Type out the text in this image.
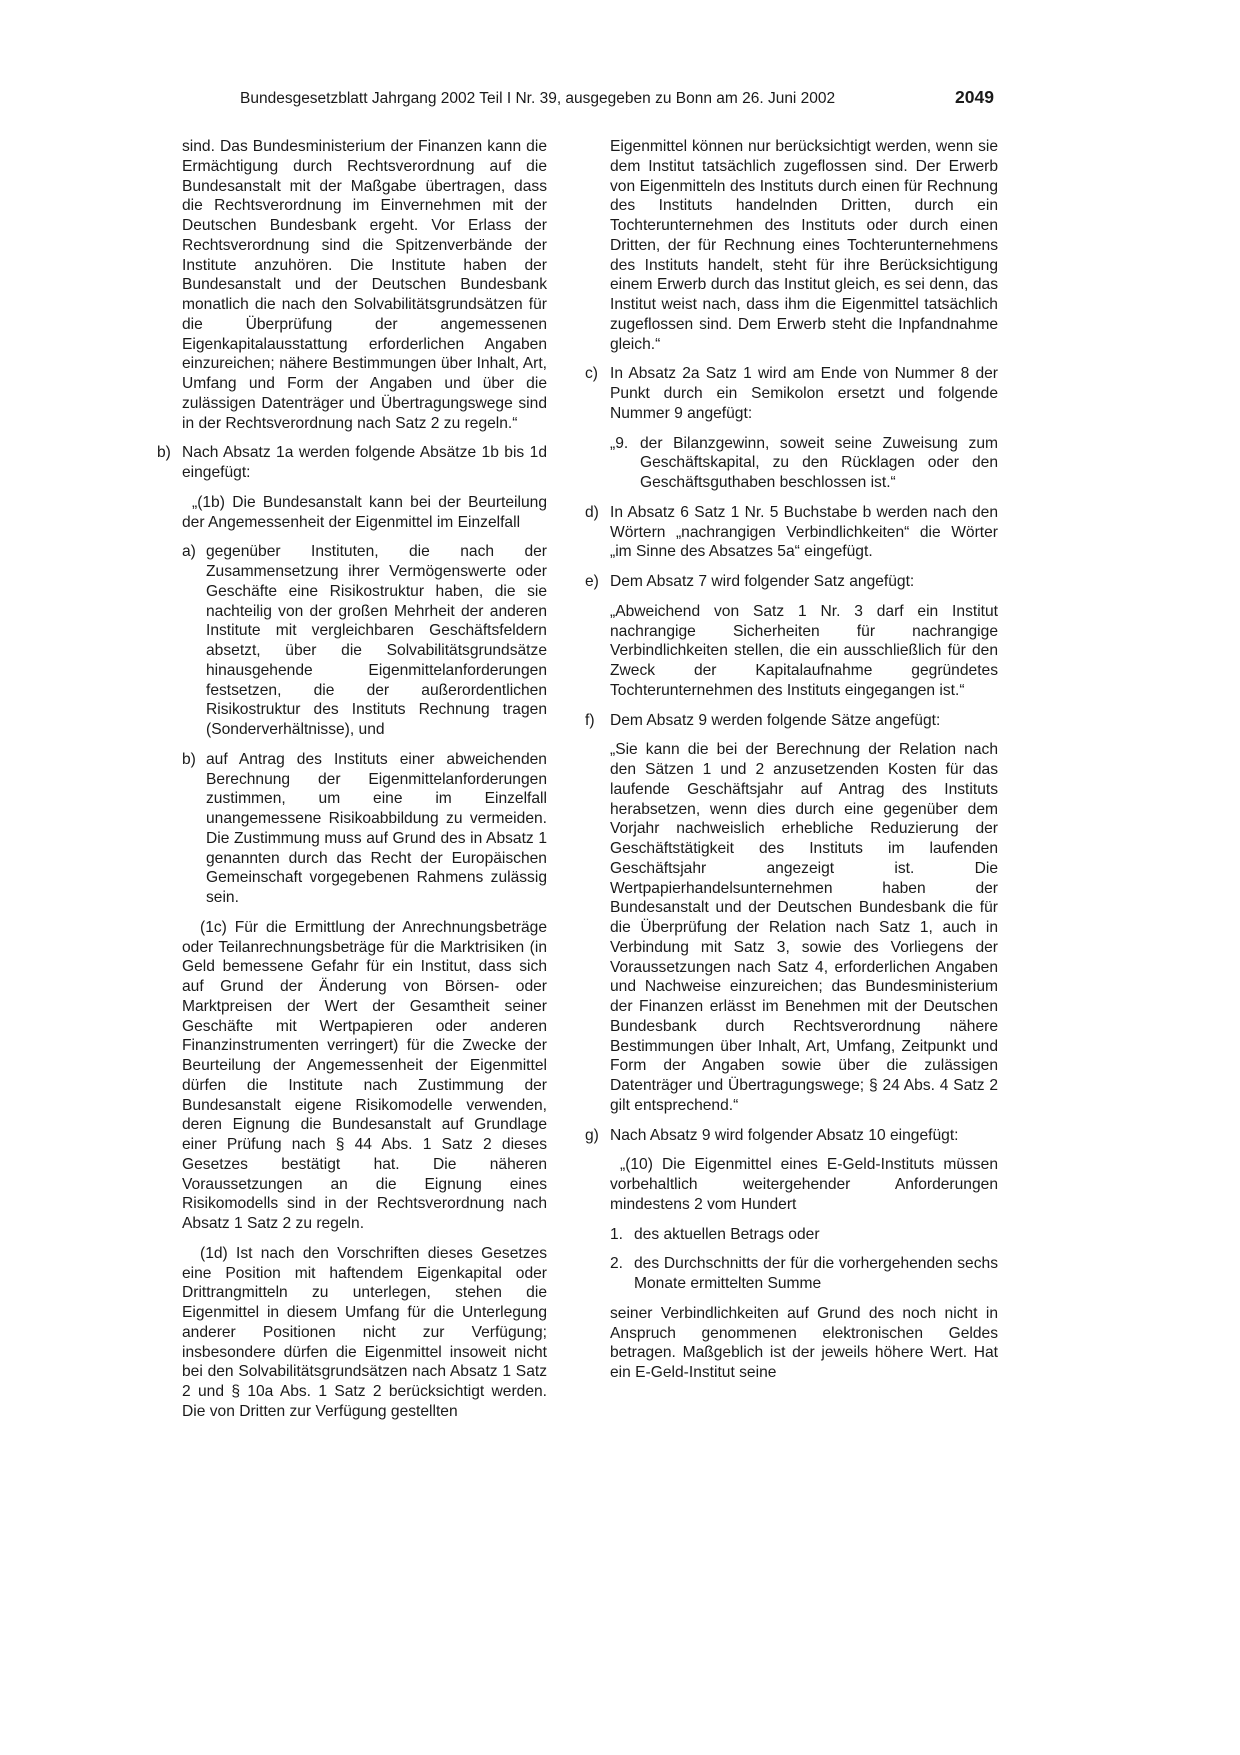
Bundesgesetzblatt Jahrgang 2002 Teil I Nr. 39, ausgegeben zu Bonn am 26. Juni 2002	2049

sind. Das Bundesministerium der Finanzen kann die Ermächtigung durch Rechtsverordnung auf die Bundesanstalt mit der Maßgabe übertragen, dass die Rechtsverordnung im Einvernehmen mit der Deutschen Bundesbank ergeht. Vor Erlass der Rechtsverordnung sind die Spitzenverbände der Institute anzuhören. Die Institute haben der Bundesanstalt und der Deutschen Bundesbank monatlich die nach den Solvabilitätsgrundsätzen für die Überprüfung der angemessenen Eigenkapitalausstattung erforderlichen Angaben einzureichen; nähere Bestimmungen über Inhalt, Art, Umfang und Form der Angaben und über die zulässigen Datenträger und Übertragungswege sind in der Rechtsverordnung nach Satz 2 zu regeln.“

b) Nach Absatz 1a werden folgende Absätze 1b bis 1d eingefügt:

„(1b) Die Bundesanstalt kann bei der Beurteilung der Angemessenheit der Eigenmittel im Einzelfall

a) gegenüber Instituten, die nach der Zusammensetzung ihrer Vermögenswerte oder Geschäfte eine Risikostruktur haben, die sie nachteilig von der großen Mehrheit der anderen Institute mit vergleichbaren Geschäftsfeldern absetzt, über die Solvabilitätsgrundsätze hinausgehende Eigenmittelanforderungen festsetzen, die der außerordentlichen Risikostruktur des Instituts Rechnung tragen (Sonderverhältnisse), und

b) auf Antrag des Instituts einer abweichenden Berechnung der Eigenmittelanforderungen zustimmen, um eine im Einzelfall unangemessene Risikoabbildung zu vermeiden. Die Zustimmung muss auf Grund des in Absatz 1 genannten durch das Recht der Europäischen Gemeinschaft vorgegebenen Rahmens zulässig sein.

(1c) Für die Ermittlung der Anrechnungsbeträge oder Teilanrechnungsbeträge für die Marktrisiken (in Geld bemessene Gefahr für ein Institut, dass sich auf Grund der Änderung von Börsen- oder Marktpreisen der Wert der Gesamtheit seiner Geschäfte mit Wertpapieren oder anderen Finanzinstrumenten verringert) für die Zwecke der Beurteilung der Angemessenheit der Eigenmittel dürfen die Institute nach Zustimmung der Bundesanstalt eigene Risikomodelle verwenden, deren Eignung die Bundesanstalt auf Grundlage einer Prüfung nach § 44 Abs. 1 Satz 2 dieses Gesetzes bestätigt hat. Die näheren Voraussetzungen an die Eignung eines Risikomodells sind in der Rechtsverordnung nach Absatz 1 Satz 2 zu regeln.

(1d) Ist nach den Vorschriften dieses Gesetzes eine Position mit haftendem Eigenkapital oder Drittrangmitteln zu unterlegen, stehen die Eigenmittel in diesem Umfang für die Unterlegung anderer Positionen nicht zur Verfügung; insbesondere dürfen die Eigenmittel insoweit nicht bei den Solvabilitätsgrundsätzen nach Absatz 1 Satz 2 und § 10a Abs. 1 Satz 2 berücksichtigt werden. Die von Dritten zur Verfügung gestellten

Eigenmittel können nur berücksichtigt werden, wenn sie dem Institut tatsächlich zugeflossen sind. Der Erwerb von Eigenmitteln des Instituts durch einen für Rechnung des Instituts handelnden Dritten, durch ein Tochterunternehmen des Instituts oder durch einen Dritten, der für Rechnung eines Tochterunternehmens des Instituts handelt, steht für ihre Berücksichtigung einem Erwerb durch das Institut gleich, es sei denn, das Institut weist nach, dass ihm die Eigenmittel tatsächlich zugeflossen sind. Dem Erwerb steht die Inpfandnahme gleich.“

c) In Absatz 2a Satz 1 wird am Ende von Nummer 8 der Punkt durch ein Semikolon ersetzt und folgende Nummer 9 angefügt:

„9. der Bilanzgewinn, soweit seine Zuweisung zum Geschäftskapital, zu den Rücklagen oder den Geschäftsguthaben beschlossen ist.“

d) In Absatz 6 Satz 1 Nr. 5 Buchstabe b werden nach den Wörtern „nachrangigen Verbindlichkeiten“ die Wörter „im Sinne des Absatzes 5a“ eingefügt.

e) Dem Absatz 7 wird folgender Satz angefügt:

„Abweichend von Satz 1 Nr. 3 darf ein Institut nachrangige Sicherheiten für nachrangige Verbindlichkeiten stellen, die ein ausschließlich für den Zweck der Kapitalaufnahme gegründetes Tochterunternehmen des Instituts eingegangen ist.“

f) Dem Absatz 9 werden folgende Sätze angefügt:

„Sie kann die bei der Berechnung der Relation nach den Sätzen 1 und 2 anzusetzenden Kosten für das laufende Geschäftsjahr auf Antrag des Instituts herabsetzen, wenn dies durch eine gegenüber dem Vorjahr nachweislich erhebliche Reduzierung der Geschäftstätigkeit des Instituts im laufenden Geschäftsjahr angezeigt ist. Die Wertpapierhandelsunternehmen haben der Bundesanstalt und der Deutschen Bundesbank die für die Überprüfung der Relation nach Satz 1, auch in Verbindung mit Satz 3, sowie des Vorliegens der Voraussetzungen nach Satz 4, erforderlichen Angaben und Nachweise einzureichen; das Bundesministerium der Finanzen erlässt im Benehmen mit der Deutschen Bundesbank durch Rechtsverordnung nähere Bestimmungen über Inhalt, Art, Umfang, Zeitpunkt und Form der Angaben sowie über die zulässigen Datenträger und Übertragungswege; § 24 Abs. 4 Satz 2 gilt entsprechend.“

g) Nach Absatz 9 wird folgender Absatz 10 eingefügt:

„(10) Die Eigenmittel eines E-Geld-Instituts müssen vorbehaltlich weitergehender Anforderungen mindestens 2 vom Hundert

1. des aktuellen Betrags oder

2. des Durchschnitts der für die vorhergehenden sechs Monate ermittelten Summe

seiner Verbindlichkeiten auf Grund des noch nicht in Anspruch genommenen elektronischen Geldes betragen. Maßgeblich ist der jeweils höhere Wert. Hat ein E-Geld-Institut seine
